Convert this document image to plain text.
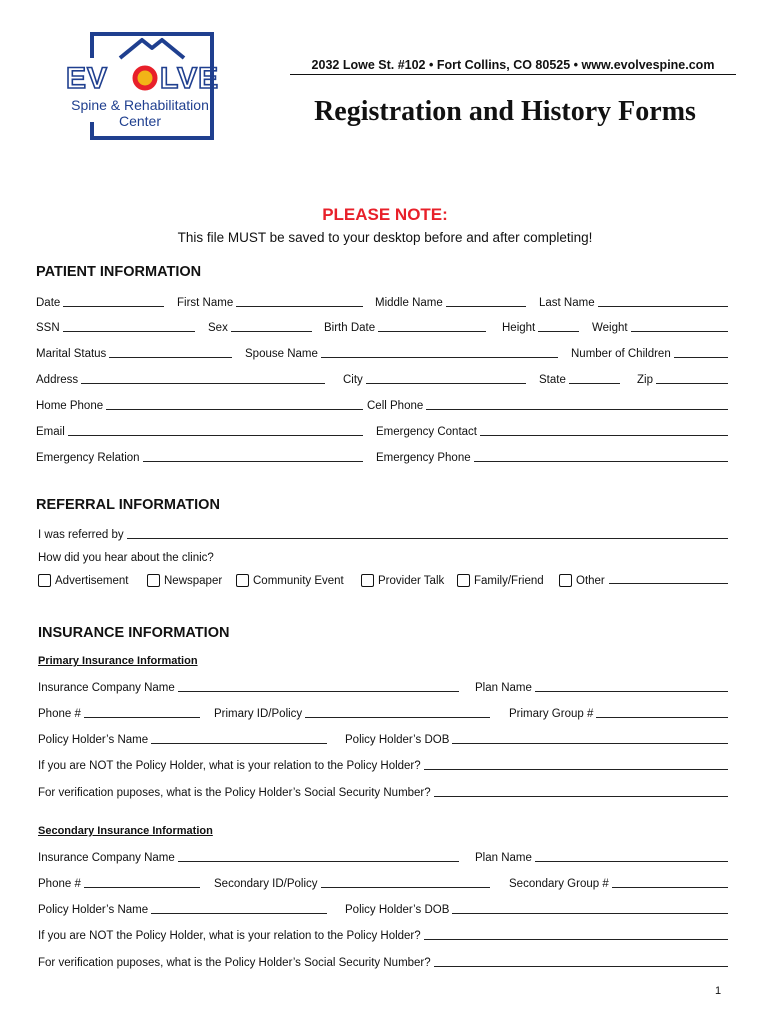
EV LVE
Spine & Rehabilitation
Center
2032 Lowe St. #102 • Fort Collins, CO 80525 • www.evolvespine.com
Registration and History Forms
PLEASE NOTE:
This file MUST be saved to your desktop before and after completing!
PATIENT INFORMATION
Date	First Name	Middle Name	Last Name
SSN	Sex	Birth Date	Height	Weight
Marital Status	Spouse Name	Number of Children
Address	City	State	Zip
Home Phone	Cell Phone
Email	Emergency Contact
Emergency Relation	Emergency Phone
REFERRAL INFORMATION
I was referred by
How did you hear about the clinic?
Advertisement	Newspaper	Community Event	Provider Talk	Family/Friend	Other
INSURANCE INFORMATION
Primary Insurance Information
Insurance Company Name	Plan Name
Phone #	Primary ID/Policy	Primary Group #
Policy Holder’s Name	Policy Holder’s DOB
If you are NOT the Policy Holder, what is your relation to the Policy Holder?
For verification puposes, what is the Policy Holder’s Social Security Number?
Secondary Insurance Information
Insurance Company Name	Plan Name
Phone #	Secondary ID/Policy	Secondary Group #
Policy Holder’s Name	Policy Holder’s DOB
If you are NOT the Policy Holder, what is your relation to the Policy Holder?
For verification puposes, what is the Policy Holder’s Social Security Number?
1
